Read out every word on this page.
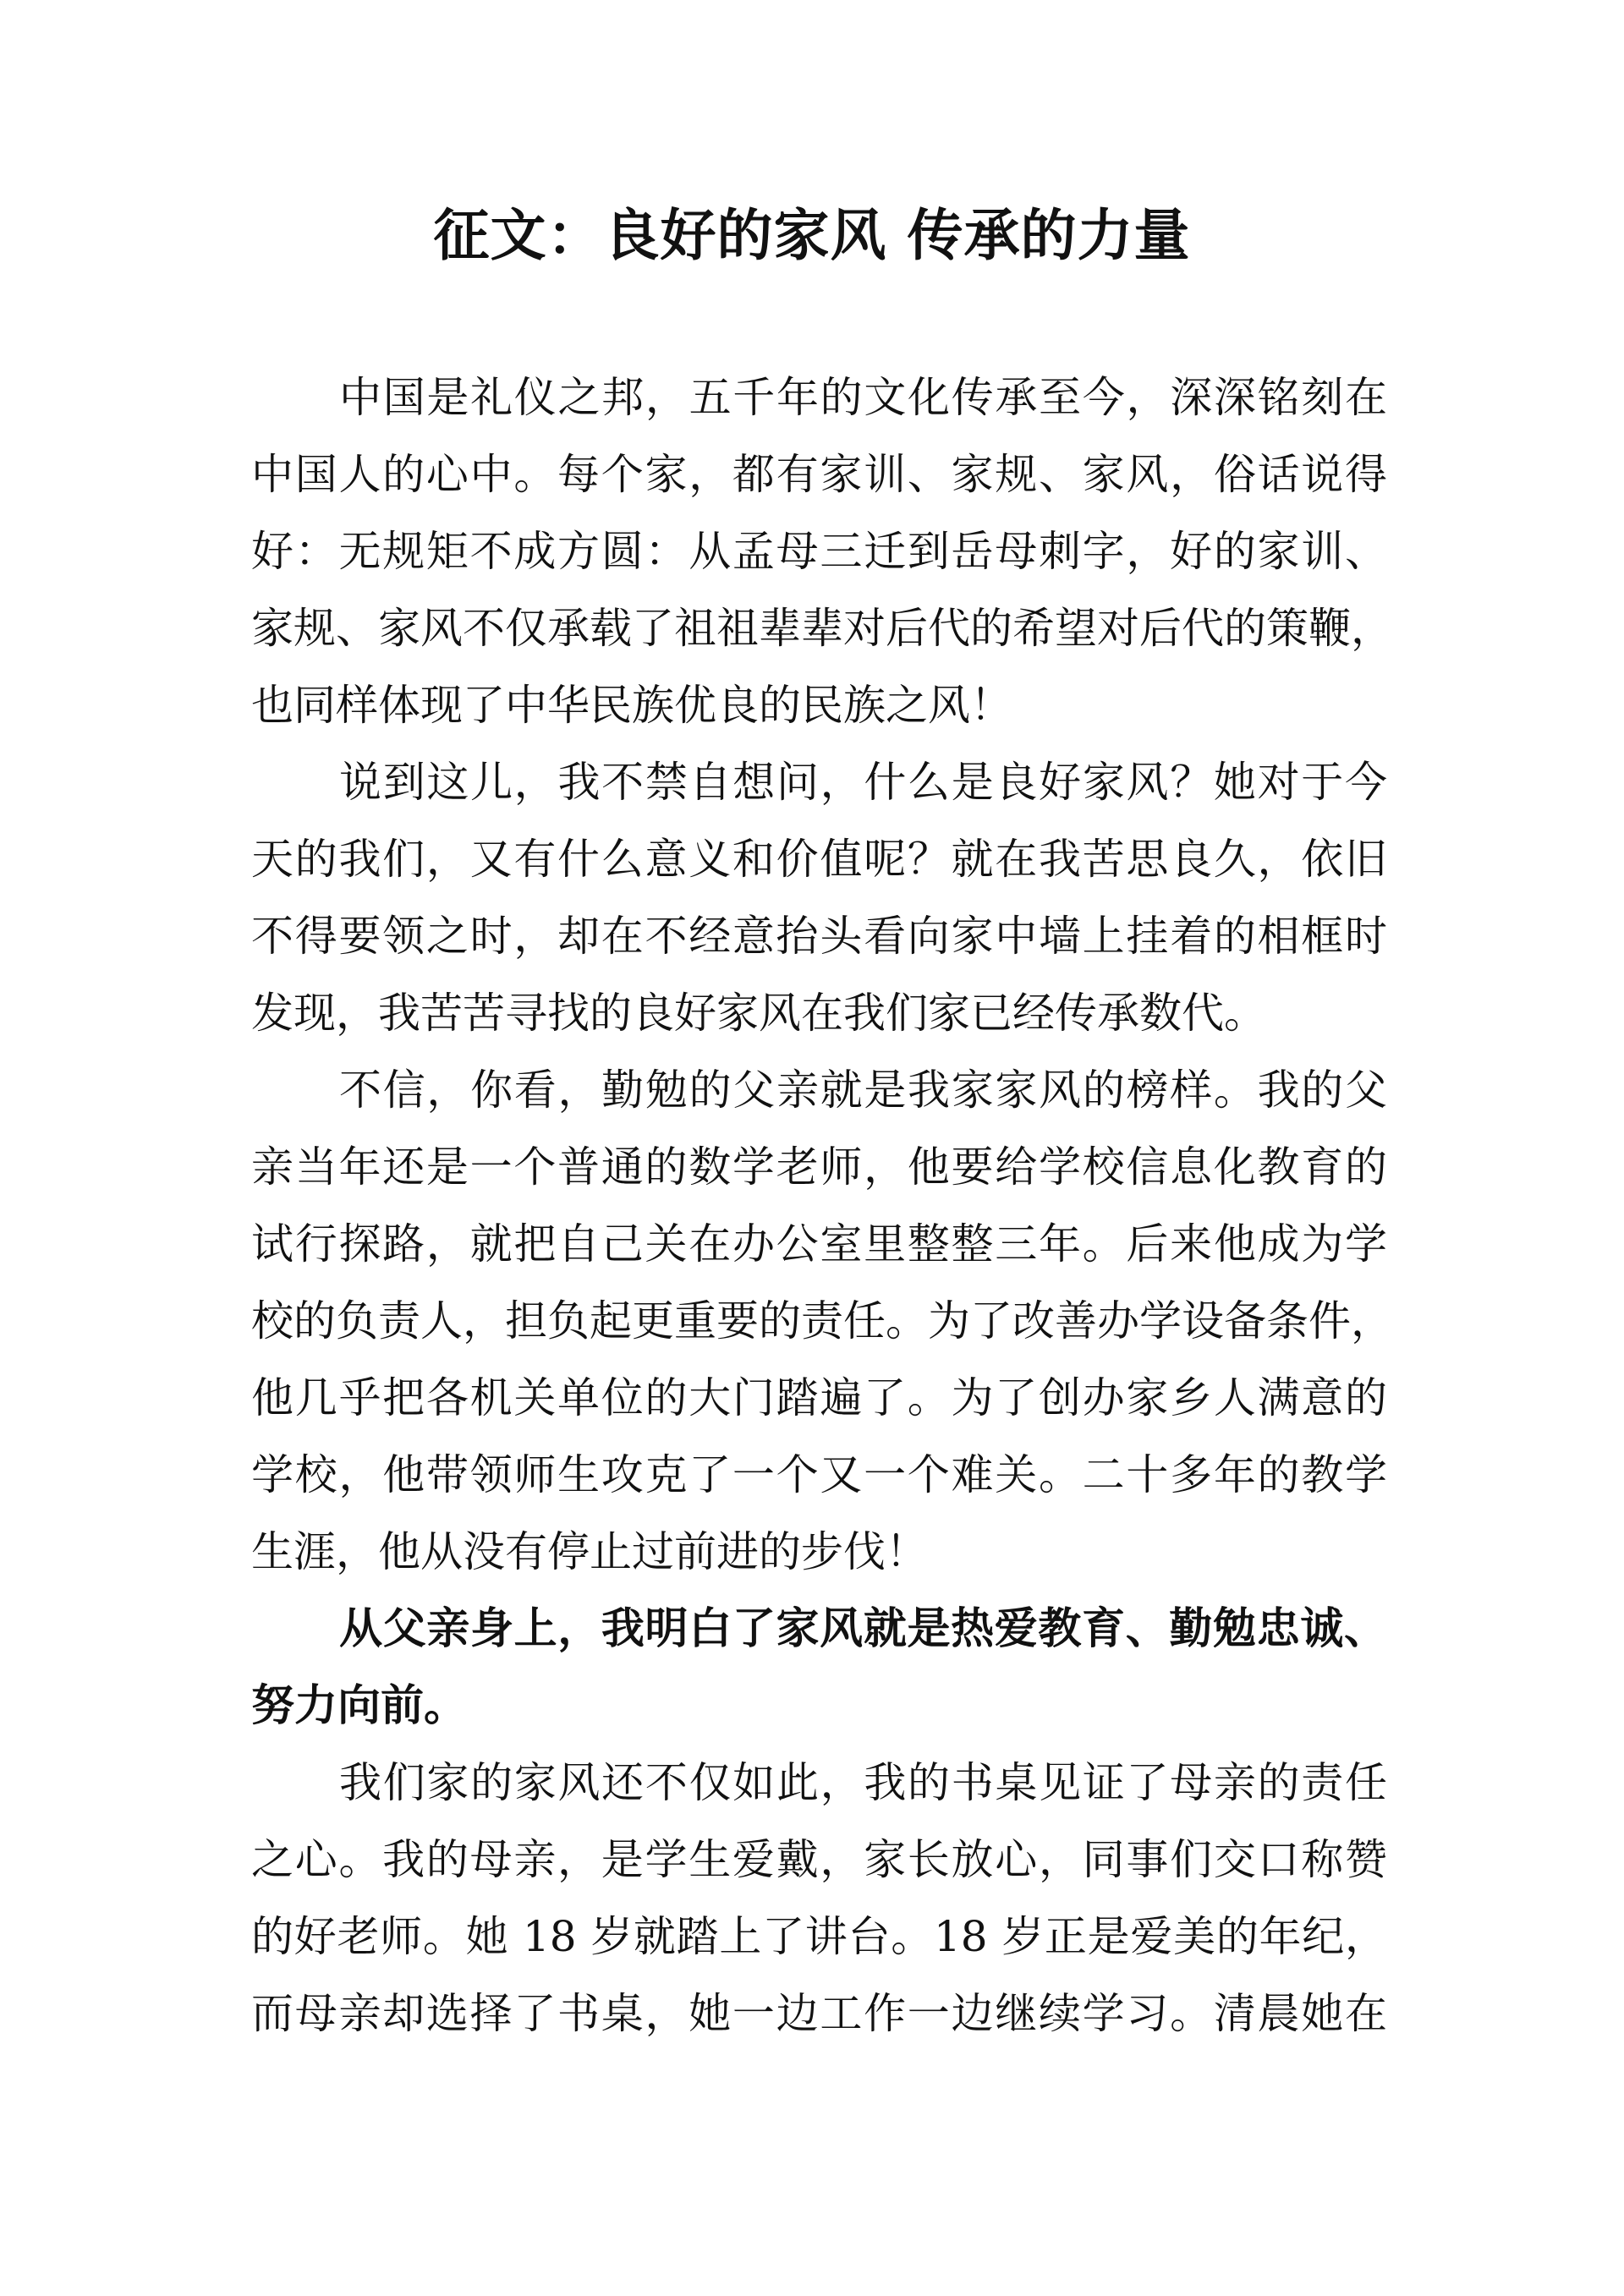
征文：良好的家风 传承的力量
中国是礼仪之邦，五千年的文化传承至今，深深铭刻在
中国人的心中。每个家，都有家训、家规、家风，俗话说得
好：无规矩不成方圆：从孟母三迁到岳母刺字，好的家训、
家规、家风不仅承载了祖祖辈辈对后代的希望对后代的策鞭，
也同样体现了中华民族优良的民族之风！
说到这儿，我不禁自想问，什么是良好家风？她对于今
天的我们，又有什么意义和价值呢？就在我苦思良久，依旧
不得要领之时，却在不经意抬头看向家中墙上挂着的相框时
发现，我苦苦寻找的良好家风在我们家已经传承数代。
不信，你看，勤勉的父亲就是我家家风的榜样。我的父
亲当年还是一个普通的数学老师，他要给学校信息化教育的
试行探路，就把自己关在办公室里整整三年。后来他成为学
校的负责人，担负起更重要的责任。为了改善办学设备条件，
他几乎把各机关单位的大门踏遍了。为了创办家乡人满意的
学校，他带领师生攻克了一个又一个难关。二十多年的教学
生涯，他从没有停止过前进的步伐！
从父亲身上，我明白了家风就是热爱教育、勤勉忠诚、
努力向前。
我们家的家风还不仅如此，我的书桌见证了母亲的责任
之心。我的母亲，是学生爱戴，家长放心，同事们交口称赞
的好老师。她 18 岁就踏上了讲台。18 岁正是爱美的年纪，
而母亲却选择了书桌，她一边工作一边继续学习。清晨她在
